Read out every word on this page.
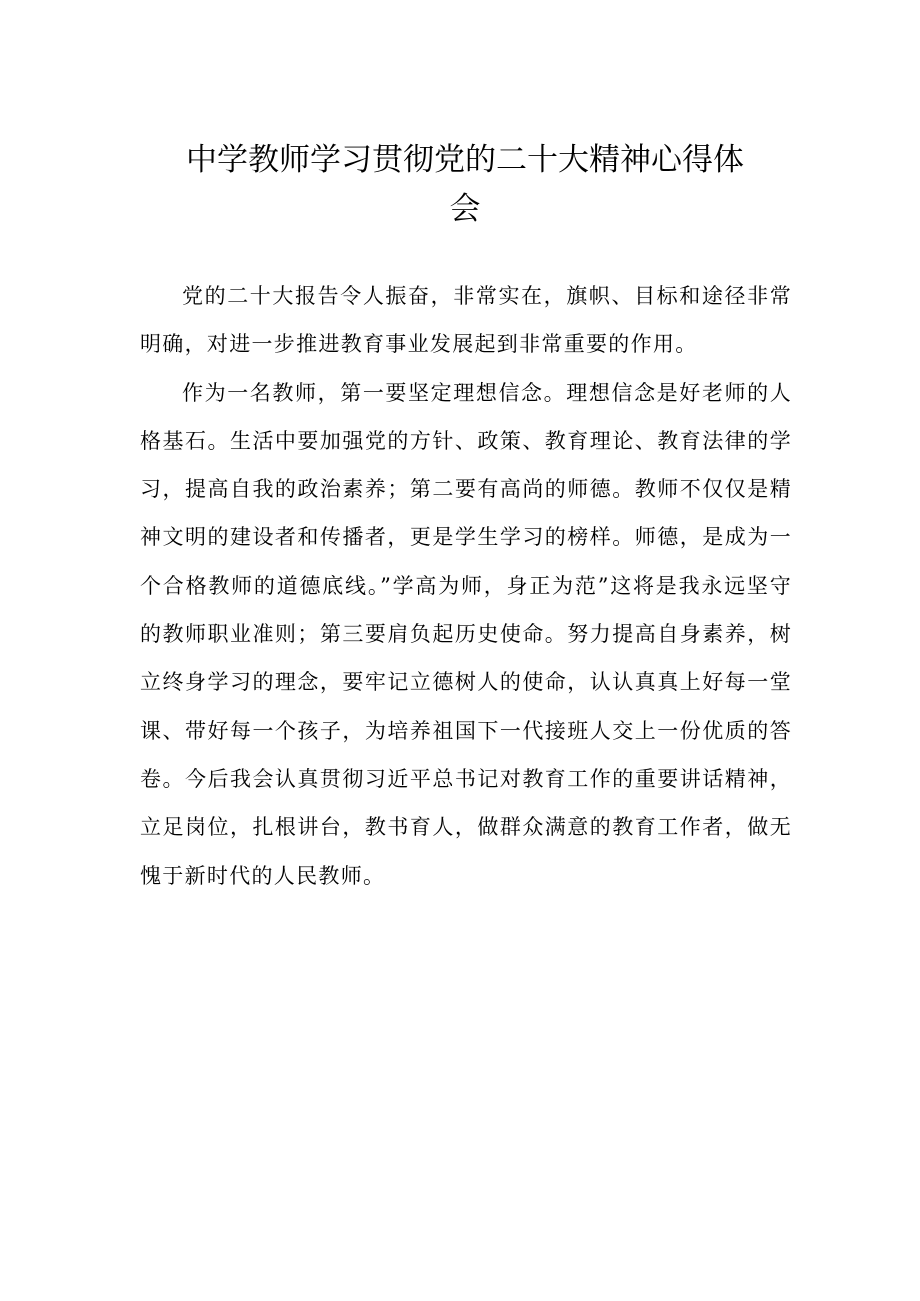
中学教师学习贯彻党的二十大精神心得体
会

党的二十大报告令人振奋，非常实在，旗帜、目标和途径非常明确，对进一步推进教育事业发展起到非常重要的作用。

作为一名教师，第一要坚定理想信念。理想信念是好老师的人格基石。生活中要加强党的方针、政策、教育理论、教育法律的学习，提高自我的政治素养；第二要有高尚的师德。教师不仅仅是精神文明的建设者和传播者，更是学生学习的榜样。师德，是成为一个合格教师的道德底线。”学高为师，身正为范”这将是我永远坚守的教师职业准则；第三要肩负起历史使命。努力提高自身素养，树立终身学习的理念，要牢记立德树人的使命，认认真真上好每一堂课、带好每一个孩子，为培养祖国下一代接班人交上一份优质的答卷。今后我会认真贯彻习近平总书记对教育工作的重要讲话精神，立足岗位，扎根讲台，教书育人，做群众满意的教育工作者，做无愧于新时代的人民教师。
